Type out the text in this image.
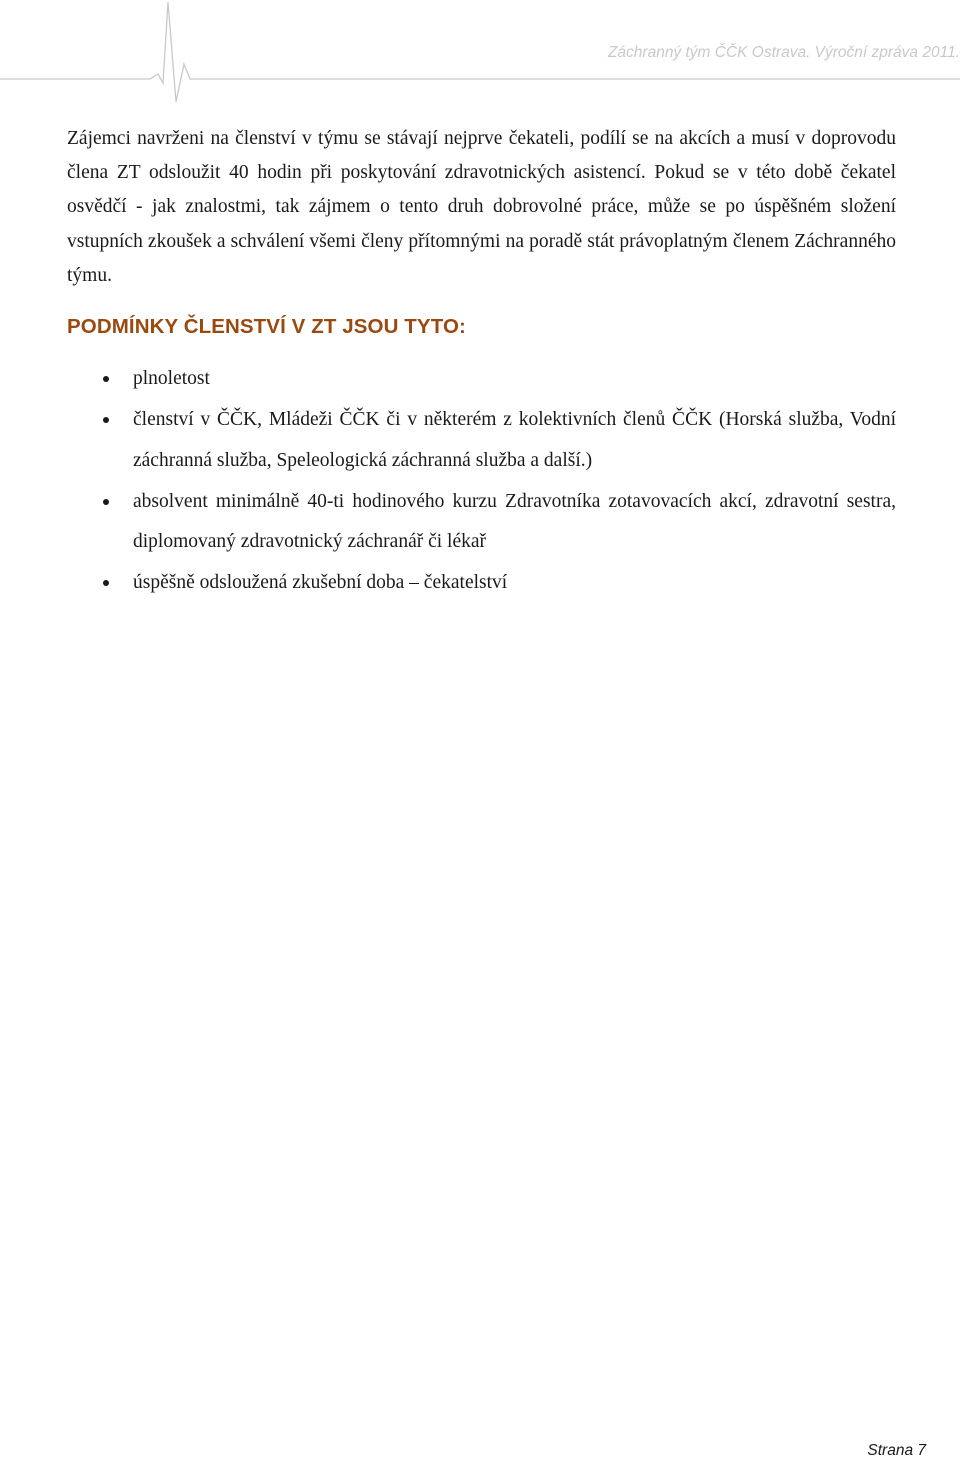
Záchranný tým ČČK Ostrava. Výroční zpráva 2011.

Zájemci navrženi na členství v týmu se stávají nejprve čekateli, podílí se na akcích a musí v doprovodu člena ZT odsloužit 40 hodin při poskytování zdravotnických asistencí. Pokud se v této době čekatel osvědčí - jak znalostmi, tak zájmem o tento druh dobrovolné práce, může se po úspěšném složení vstupních zkoušek a schválení všemi členy přítomnými na poradě stát právoplatným členem Záchranného týmu.

PODMÍNKY ČLENSTVÍ V ZT JSOU TYTO:
plnoletost
členství v ČČK, Mládeži ČČK či v některém z kolektivních členů ČČK (Horská služba, Vodní záchranná služba, Speleologická záchranná služba a další.)
absolvent minimálně 40-ti hodinového kurzu Zdravotníka zotavovacích akcí, zdravotní sestra, diplomovaný zdravotnický záchranář či lékař
úspěšně odsloužená zkušební doba – čekatelství
Strana 7
